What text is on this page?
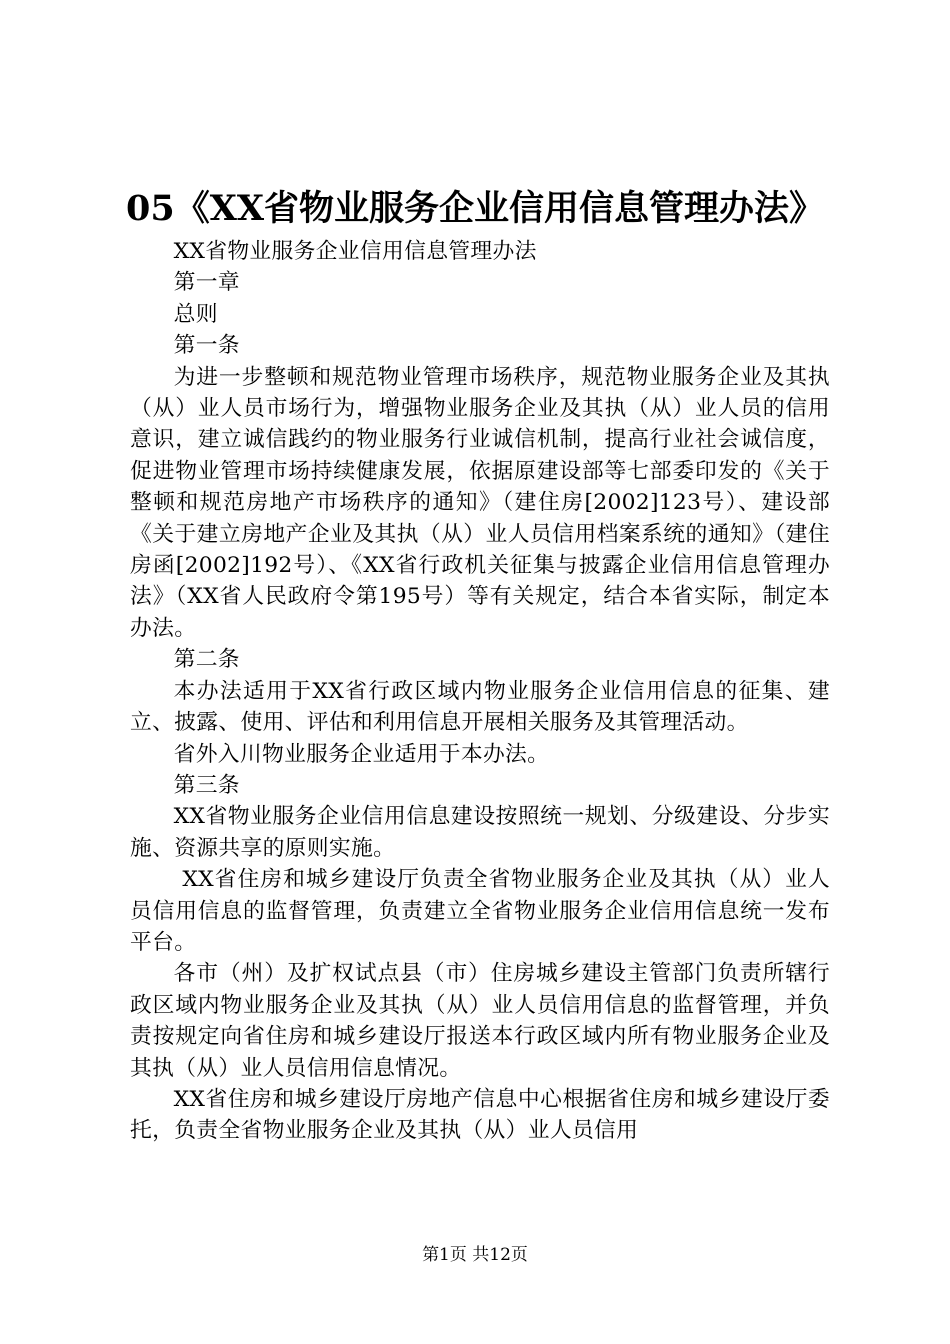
05《XX省物业服务企业信用信息管理办法》

XX省物业服务企业信用信息管理办法

第一章

总则

第一条

为进一步整顿和规范物业管理市场秩序，规范物业服务企业及其执（从）业人员市场行为，增强物业服务企业及其执（从）业人员的信用意识，建立诚信践约的物业服务行业诚信机制，提高行业社会诚信度，促进物业管理市场持续健康发展，依据原建设部等七部委印发的《关于整顿和规范房地产市场秩序的通知》（建住房[2002]123号）、建设部《关于建立房地产企业及其执（从）业人员信用档案系统的通知》（建住房函[2002]192号）、《XX省行政机关征集与披露企业信用信息管理办法》（XX省人民政府令第195号）等有关规定，结合本省实际，制定本办法。

第二条

本办法适用于XX省行政区域内物业服务企业信用信息的征集、建立、披露、使用、评估和利用信息开展相关服务及其管理活动。

省外入川物业服务企业适用于本办法。

第三条

XX省物业服务企业信用信息建设按照统一规划、分级建设、分步实施、资源共享的原则实施。

XX省住房和城乡建设厅负责全省物业服务企业及其执（从）业人员信用信息的监督管理，负责建立全省物业服务企业信用信息统一发布平台。

各市（州）及扩权试点县（市）住房城乡建设主管部门负责所辖行政区域内物业服务企业及其执（从）业人员信用信息的监督管理，并负责按规定向省住房和城乡建设厅报送本行政区域内所有物业服务企业及其执（从）业人员信用信息情况。

XX省住房和城乡建设厅房地产信息中心根据省住房和城乡建设厅委托，负责全省物业服务企业及其执（从）业人员信用

第1页 共12页
